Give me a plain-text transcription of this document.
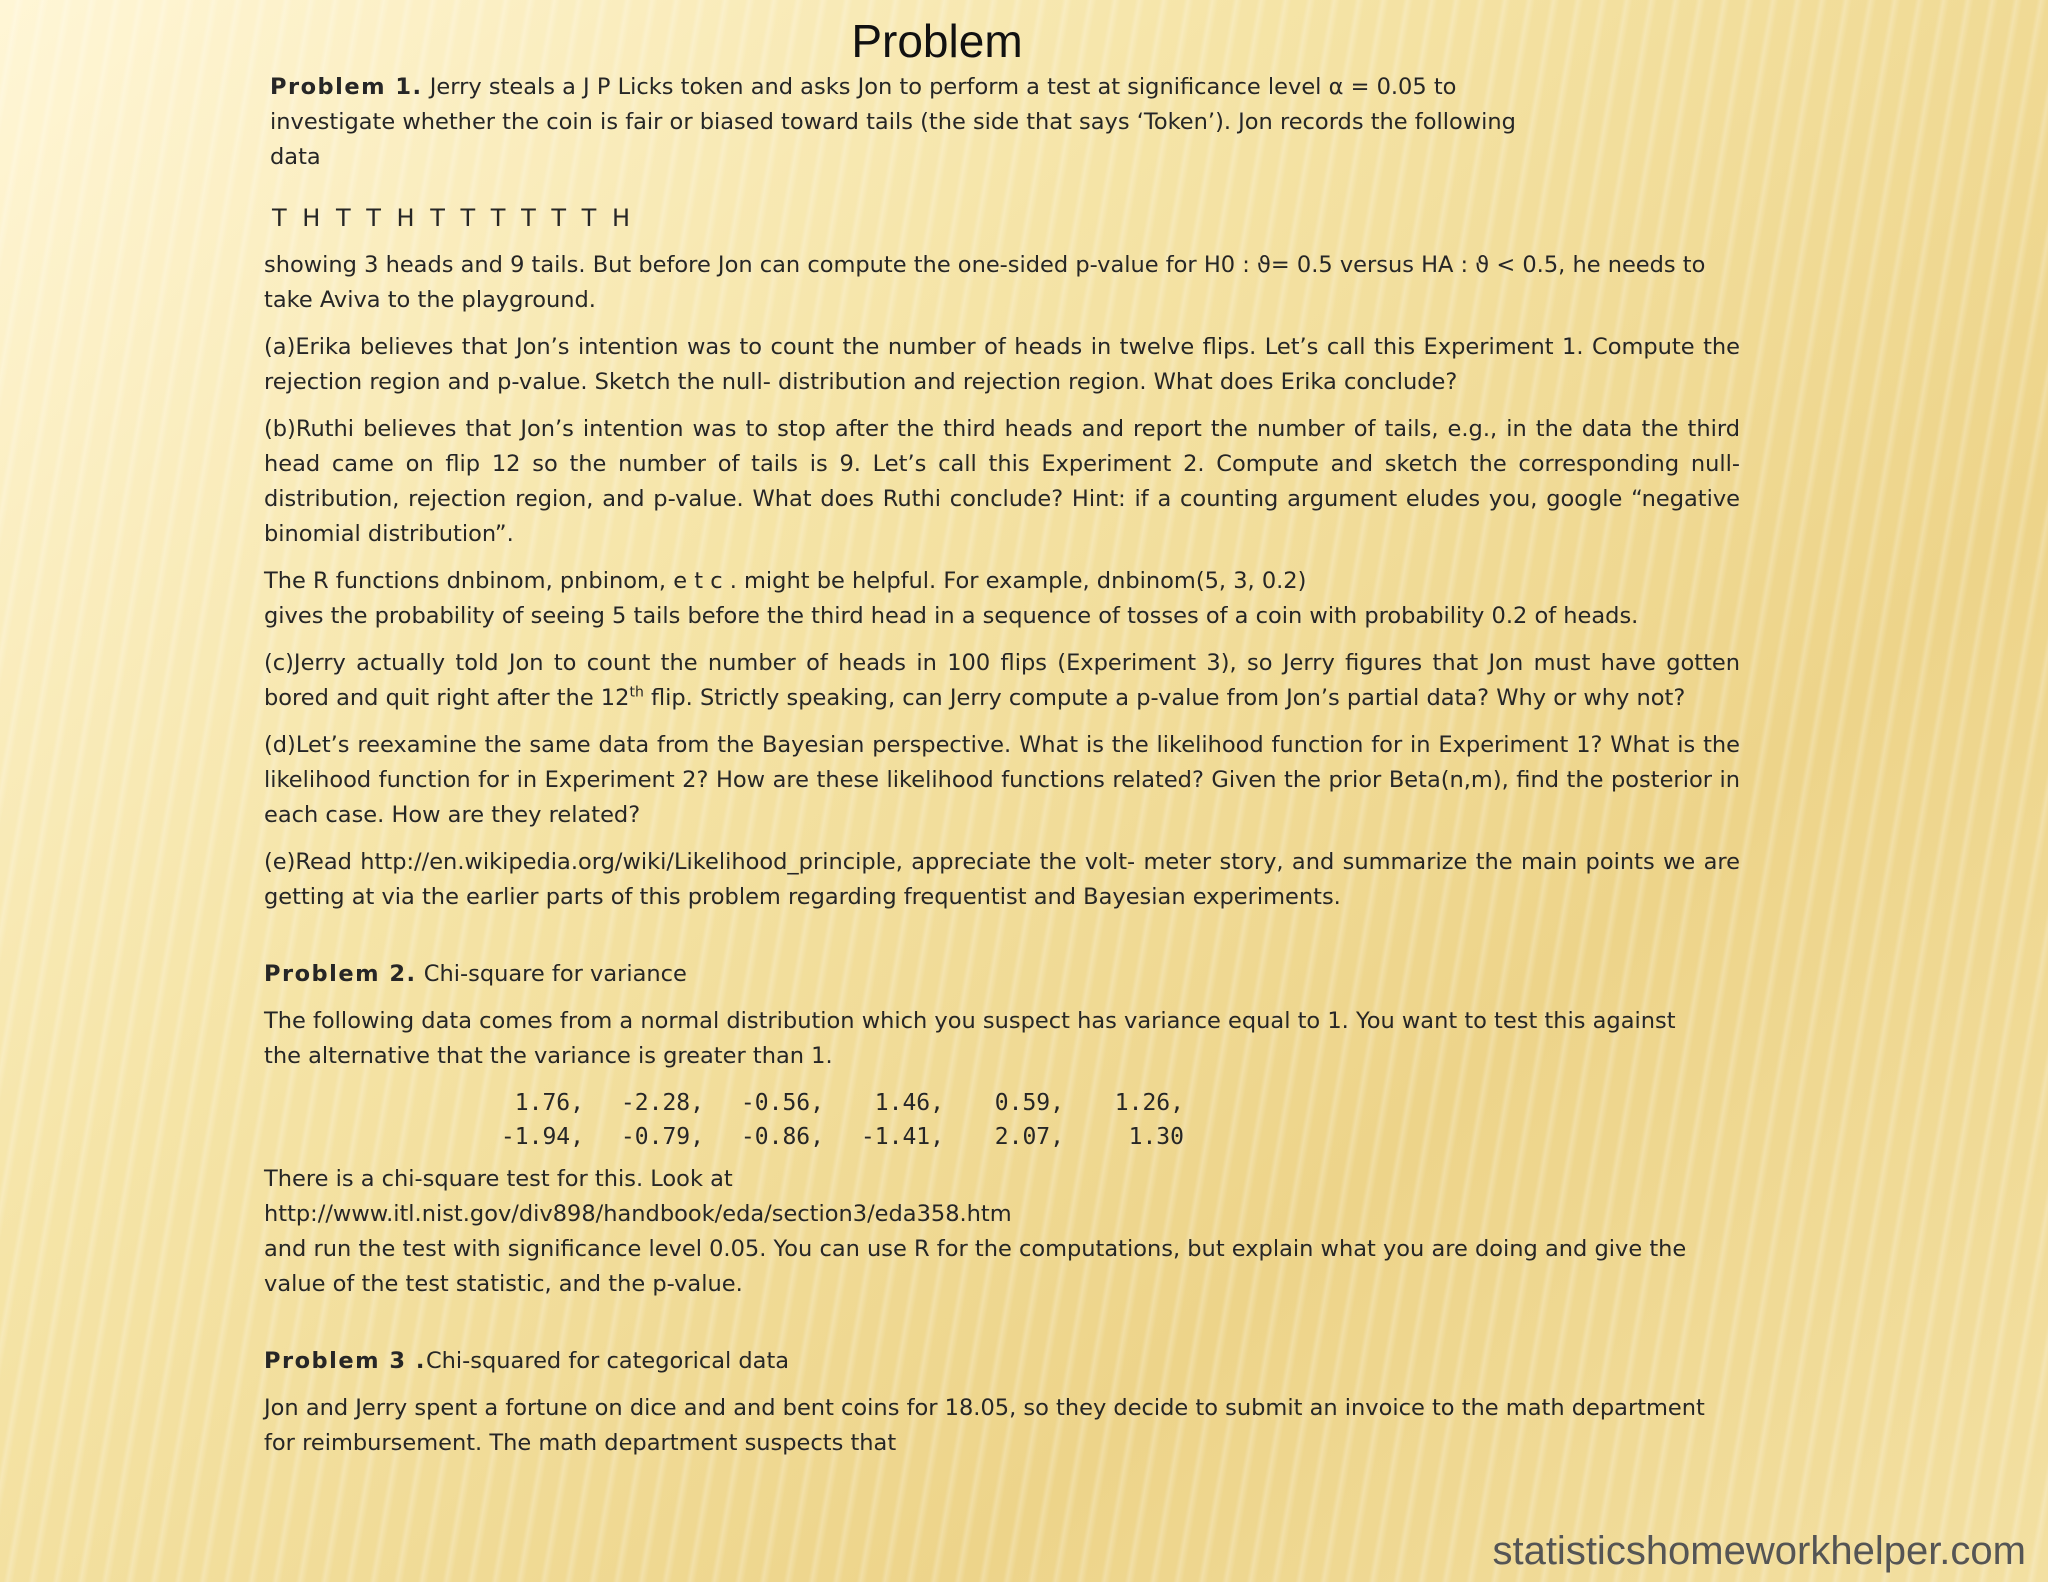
Problem

Problem 1. Jerry steals a J P Licks token and asks Jon to perform a test at significance level α = 0.05 to investigate whether the coin is fair or biased toward tails (the side that says ‘Token’). Jon records the following data

T H T T H T T T T T T H

showing 3 heads and 9 tails. But before Jon can compute the one-sided p-value for H0 : ϑ= 0.5 versus HA : ϑ < 0.5, he needs to take Aviva to the playground.

(a)Erika believes that Jon’s intention was to count the number of heads in twelve flips. Let’s call this Experiment 1. Compute the rejection region and p-value. Sketch the null- distribution and rejection region. What does Erika conclude?

(b)Ruthi believes that Jon’s intention was to stop after the third heads and report the number of tails, e.g., in the data the third head came on flip 12 so the number of tails is 9. Let’s call this Experiment 2. Compute and sketch the corresponding null-distribution, rejection region, and p-value. What does Ruthi conclude? Hint: if a counting argument eludes you, google “negative binomial distribution”.

The R functions dnbinom, pnbinom, e t c . might be helpful. For example, dnbinom(5, 3, 0.2)
gives the probability of seeing 5 tails before the third head in a sequence of tosses of a coin with probability 0.2 of heads.

(c)Jerry actually told Jon to count the number of heads in 100 flips (Experiment 3), so Jerry figures that Jon must have gotten bored and quit right after the 12th flip. Strictly speaking, can Jerry compute a p-value from Jon’s partial data? Why or why not?

(d)Let’s reexamine the same data from the Bayesian perspective. What is the likelihood function for in Experiment 1? What is the likelihood function for in Experiment 2? How are these likelihood functions related? Given the prior Beta(n,m), find the posterior in each case. How are they related?

(e)Read http://en.wikipedia.org/wiki/Likelihood_principle, appreciate the volt- meter story, and summarize the main points we are getting at via the earlier parts of this problem regarding frequentist and Bayesian experiments.

Problem 2. Chi-square for variance

The following data comes from a normal distribution which you suspect has variance equal to 1. You want to test this against the alternative that the variance is greater than 1.

1.76,	-2.28,	-0.56,	1.46,	0.59,	1.26,
-1.94,	-0.79,	-0.86,	-1.41,	2.07,	1.30

There is a chi-square test for this. Look at
http://www.itl.nist.gov/div898/handbook/eda/section3/eda358.htm
and run the test with significance level 0.05. You can use R for the computations, but explain what you are doing and give the value of the test statistic, and the p-value.

Problem 3 .Chi-squared for categorical data

Jon and Jerry spent a fortune on dice and and bent coins for 18.05, so they decide to submit an invoice to the math department for reimbursement. The math department suspects that

statisticshomeworkhelper.com
